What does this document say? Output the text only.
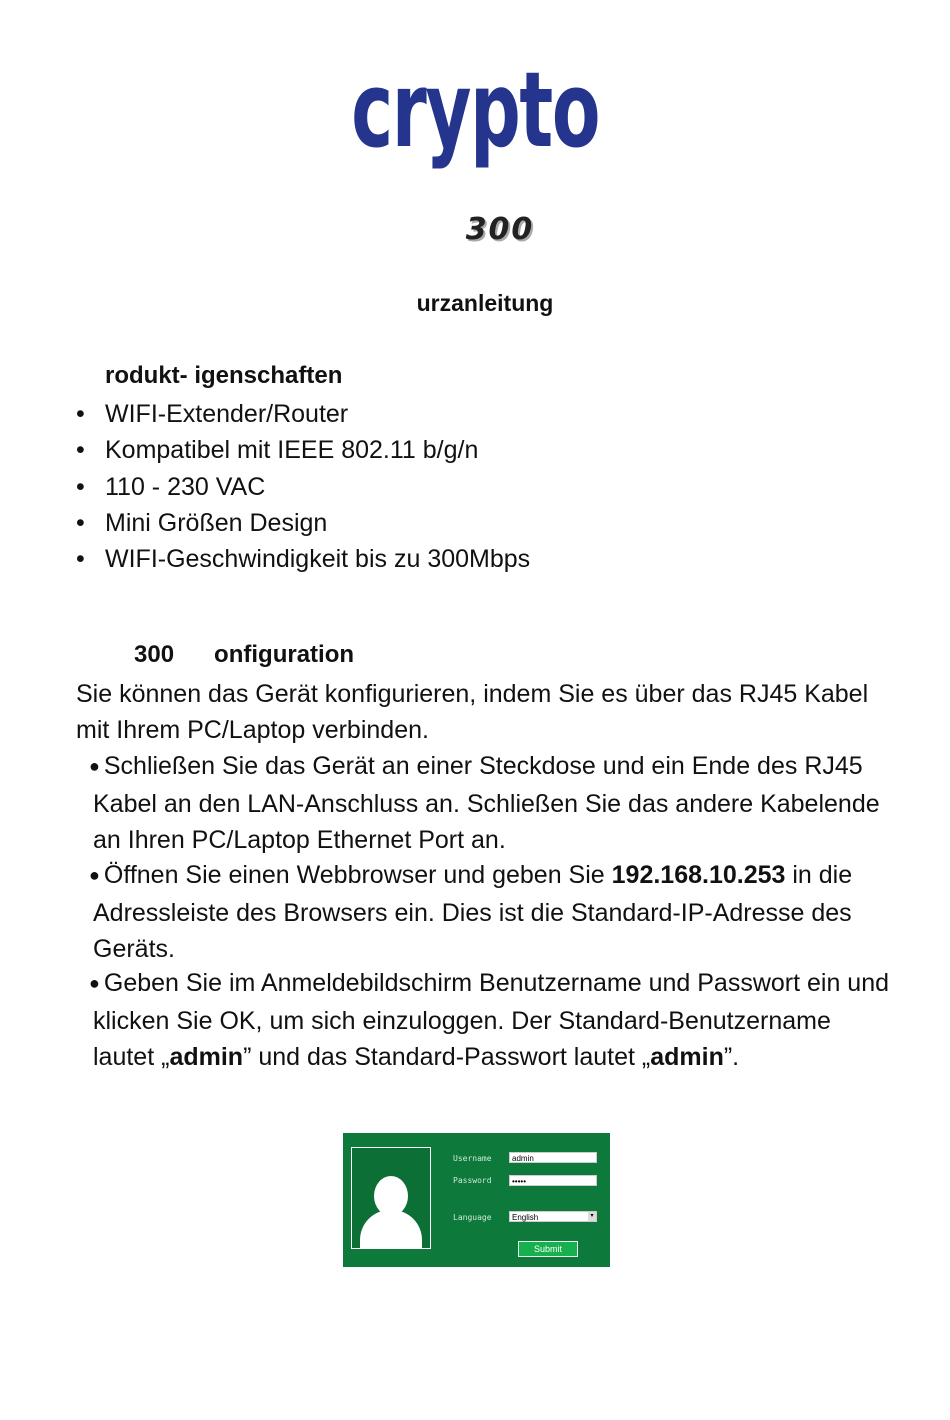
crypto
300
urzanleitung
rodukt- igenschaften
• WIFI-Extender/Router
• Kompatibel mit IEEE 802.11 b/g/n
• 110 - 230 VAC
• Mini Größen Design
• WIFI-Geschwindigkeit bis zu 300Mbps
300 onfiguration
Sie können das Gerät konfigurieren, indem Sie es über das RJ45 Kabel mit Ihrem PC/Laptop verbinden.
● Schließen Sie das Gerät an einer Steckdose und ein Ende des RJ45 Kabel an den LAN-Anschluss an. Schließen Sie das andere Kabelende an Ihren PC/Laptop Ethernet Port an.
● Öffnen Sie einen Webbrowser und geben Sie 192.168.10.253 in die Adressleiste des Browsers ein. Dies ist die Standard-IP-Adresse des Geräts.
● Geben Sie im Anmeldebildschirm Benutzername und Passwort ein und klicken Sie OK, um sich einzuloggen. Der Standard-Benutzername lautet „admin” und das Standard-Passwort lautet „admin”.
Username	admin
Password	•••••
Language	English	▾
Submit
